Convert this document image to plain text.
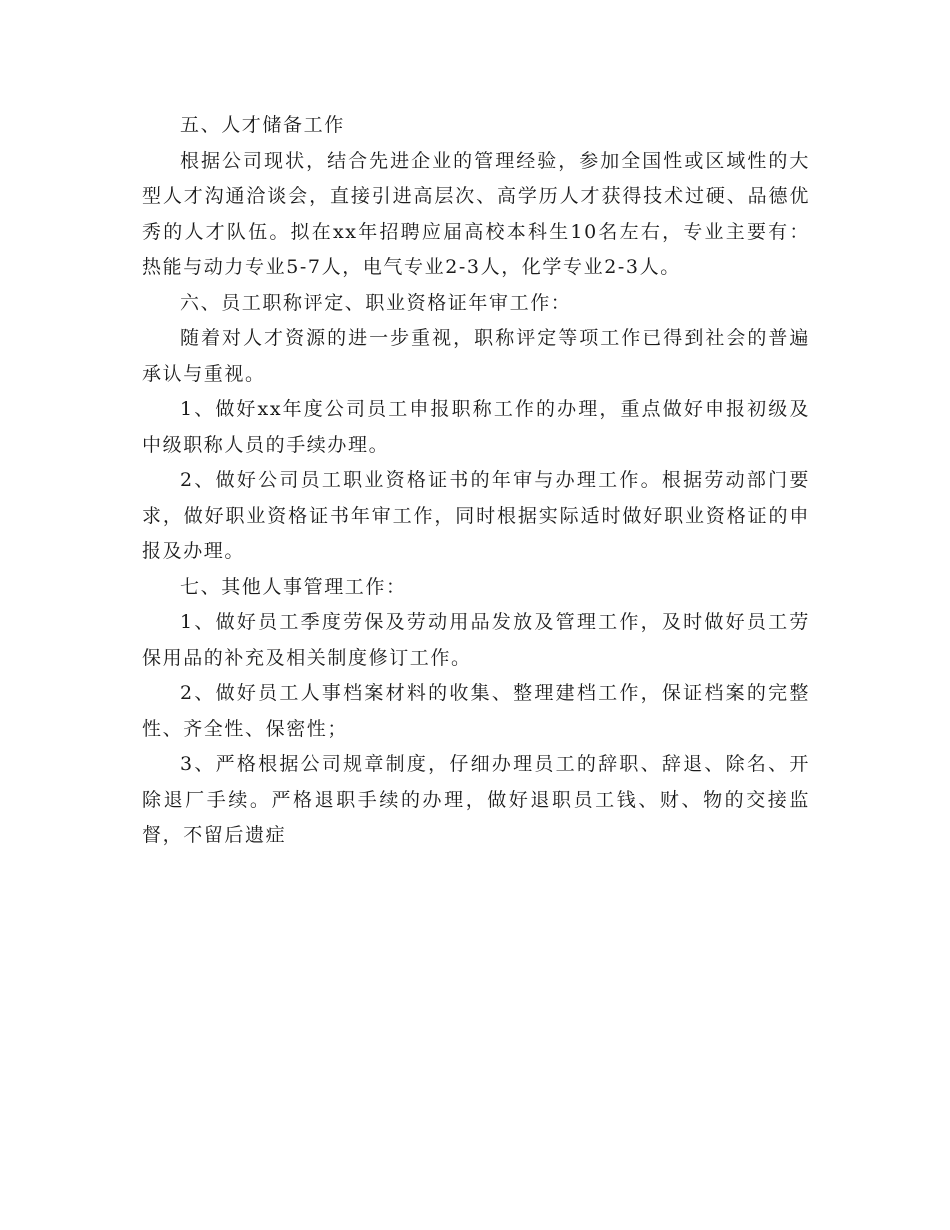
五、人才储备工作

根据公司现状，结合先进企业的管理经验，参加全国性或区域性的大型人才沟通洽谈会，直接引进高层次、高学历人才获得技术过硬、品德优秀的人才队伍。拟在xx年招聘应届高校本科生10名左右，专业主要有：热能与动力专业5-7人，电气专业2-3人，化学专业2-3人。

六、员工职称评定、职业资格证年审工作：

随着对人才资源的进一步重视，职称评定等项工作已得到社会的普遍承认与重视。

1、做好xx年度公司员工申报职称工作的办理，重点做好申报初级及中级职称人员的手续办理。

2、做好公司员工职业资格证书的年审与办理工作。根据劳动部门要求，做好职业资格证书年审工作，同时根据实际适时做好职业资格证的申报及办理。

七、其他人事管理工作：

1、做好员工季度劳保及劳动用品发放及管理工作，及时做好员工劳保用品的补充及相关制度修订工作。

2、做好员工人事档案材料的收集、整理建档工作，保证档案的完整性、齐全性、保密性；

3、严格根据公司规章制度，仔细办理员工的辞职、辞退、除名、开除退厂手续。严格退职手续的办理，做好退职员工钱、财、物的交接监督，不留后遗症
